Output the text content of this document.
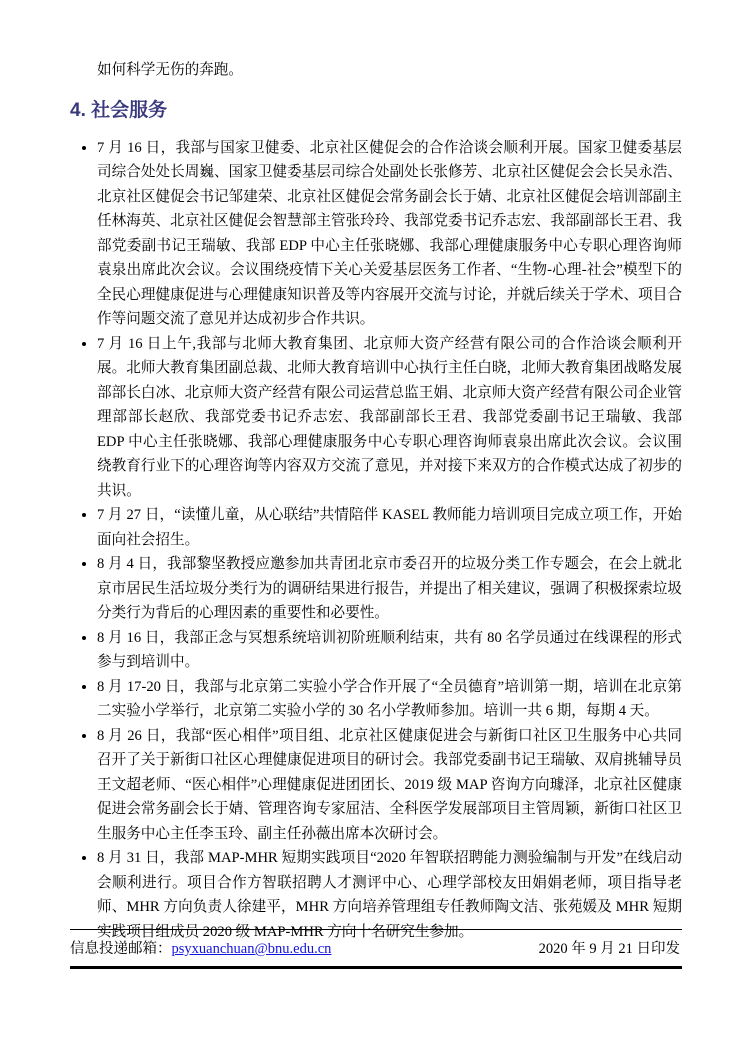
如何科学无伤的奔跑。

4. 社会服务
• 7 月 16 日，我部与国家卫健委、北京社区健促会的合作洽谈会顺利开展。国家卫健委基层司综合处处长周巍、国家卫健委基层司综合处副处长张修芳、北京社区健促会会长吴永浩、北京社区健促会书记邹建荣、北京社区健促会常务副会长于婧、北京社区健促会培训部副主任林海英、北京社区健促会智慧部主管张玲玲、我部党委书记乔志宏、我部副部长王君、我部党委副书记王瑞敏、我部 EDP 中心主任张晓娜、我部心理健康服务中心专职心理咨询师袁泉出席此次会议。会议围绕疫情下关心关爱基层医务工作者、“生物-心理-社会”模型下的全民心理健康促进与心理健康知识普及等内容展开交流与讨论，并就后续关于学术、项目合作等问题交流了意见并达成初步合作共识。
• 7 月 16 日上午,我部与北师大教育集团、北京师大资产经营有限公司的合作洽谈会顺利开展。北师大教育集团副总裁、北师大教育培训中心执行主任白晓，北师大教育集团战略发展部部长白冰、北京师大资产经营有限公司运营总监王娟、北京师大资产经营有限公司企业管理部部长赵欣、我部党委书记乔志宏、我部副部长王君、我部党委副书记王瑞敏、我部 EDP 中心主任张晓娜、我部心理健康服务中心专职心理咨询师袁泉出席此次会议。会议围绕教育行业下的心理咨询等内容双方交流了意见，并对接下来双方的合作模式达成了初步的共识。
• 7 月 27 日，“读懂儿童，从心联结”共情陪伴 KASEL 教师能力培训项目完成立项工作，开始面向社会招生。
• 8 月 4 日，我部黎坚教授应邀参加共青团北京市委召开的垃圾分类工作专题会，在会上就北京市居民生活垃圾分类行为的调研结果进行报告，并提出了相关建议，强调了积极探索垃圾分类行为背后的心理因素的重要性和必要性。
• 8 月 16 日，我部正念与冥想系统培训初阶班顺利结束，共有 80 名学员通过在线课程的形式参与到培训中。
• 8 月 17-20 日，我部与北京第二实验小学合作开展了“全员德育”培训第一期，培训在北京第二实验小学举行，北京第二实验小学的 30 名小学教师参加。培训一共 6 期，每期 4 天。
• 8 月 26 日，我部“医心相伴”项目组、北京社区健康促进会与新街口社区卫生服务中心共同召开了关于新街口社区心理健康促进项目的研讨会。我部党委副书记王瑞敏、双肩挑辅导员王文超老师、“医心相伴”心理健康促进团团长、2019 级 MAP 咨询方向璩泽，北京社区健康促进会常务副会长于婧、管理咨询专家屈洁、全科医学发展部项目主管周颖，新街口社区卫生服务中心主任李玉玲、副主任孙薇出席本次研讨会。
• 8 月 31 日，我部 MAP-MHR 短期实践项目“2020 年智联招聘能力测验编制与开发”在线启动会顺利进行。项目合作方智联招聘人才测评中心、心理学部校友田娟娟老师，项目指导老师、MHR 方向负责人徐建平，MHR 方向培养管理组专任教师陶文洁、张苑媛及 MHR 短期实践项目组成员 2020 级 MAP-MHR 方向十名研究生参加。
信息投递邮箱：psyxuanchuan@bnu.edu.cn	2020 年 9 月 21 日印发
